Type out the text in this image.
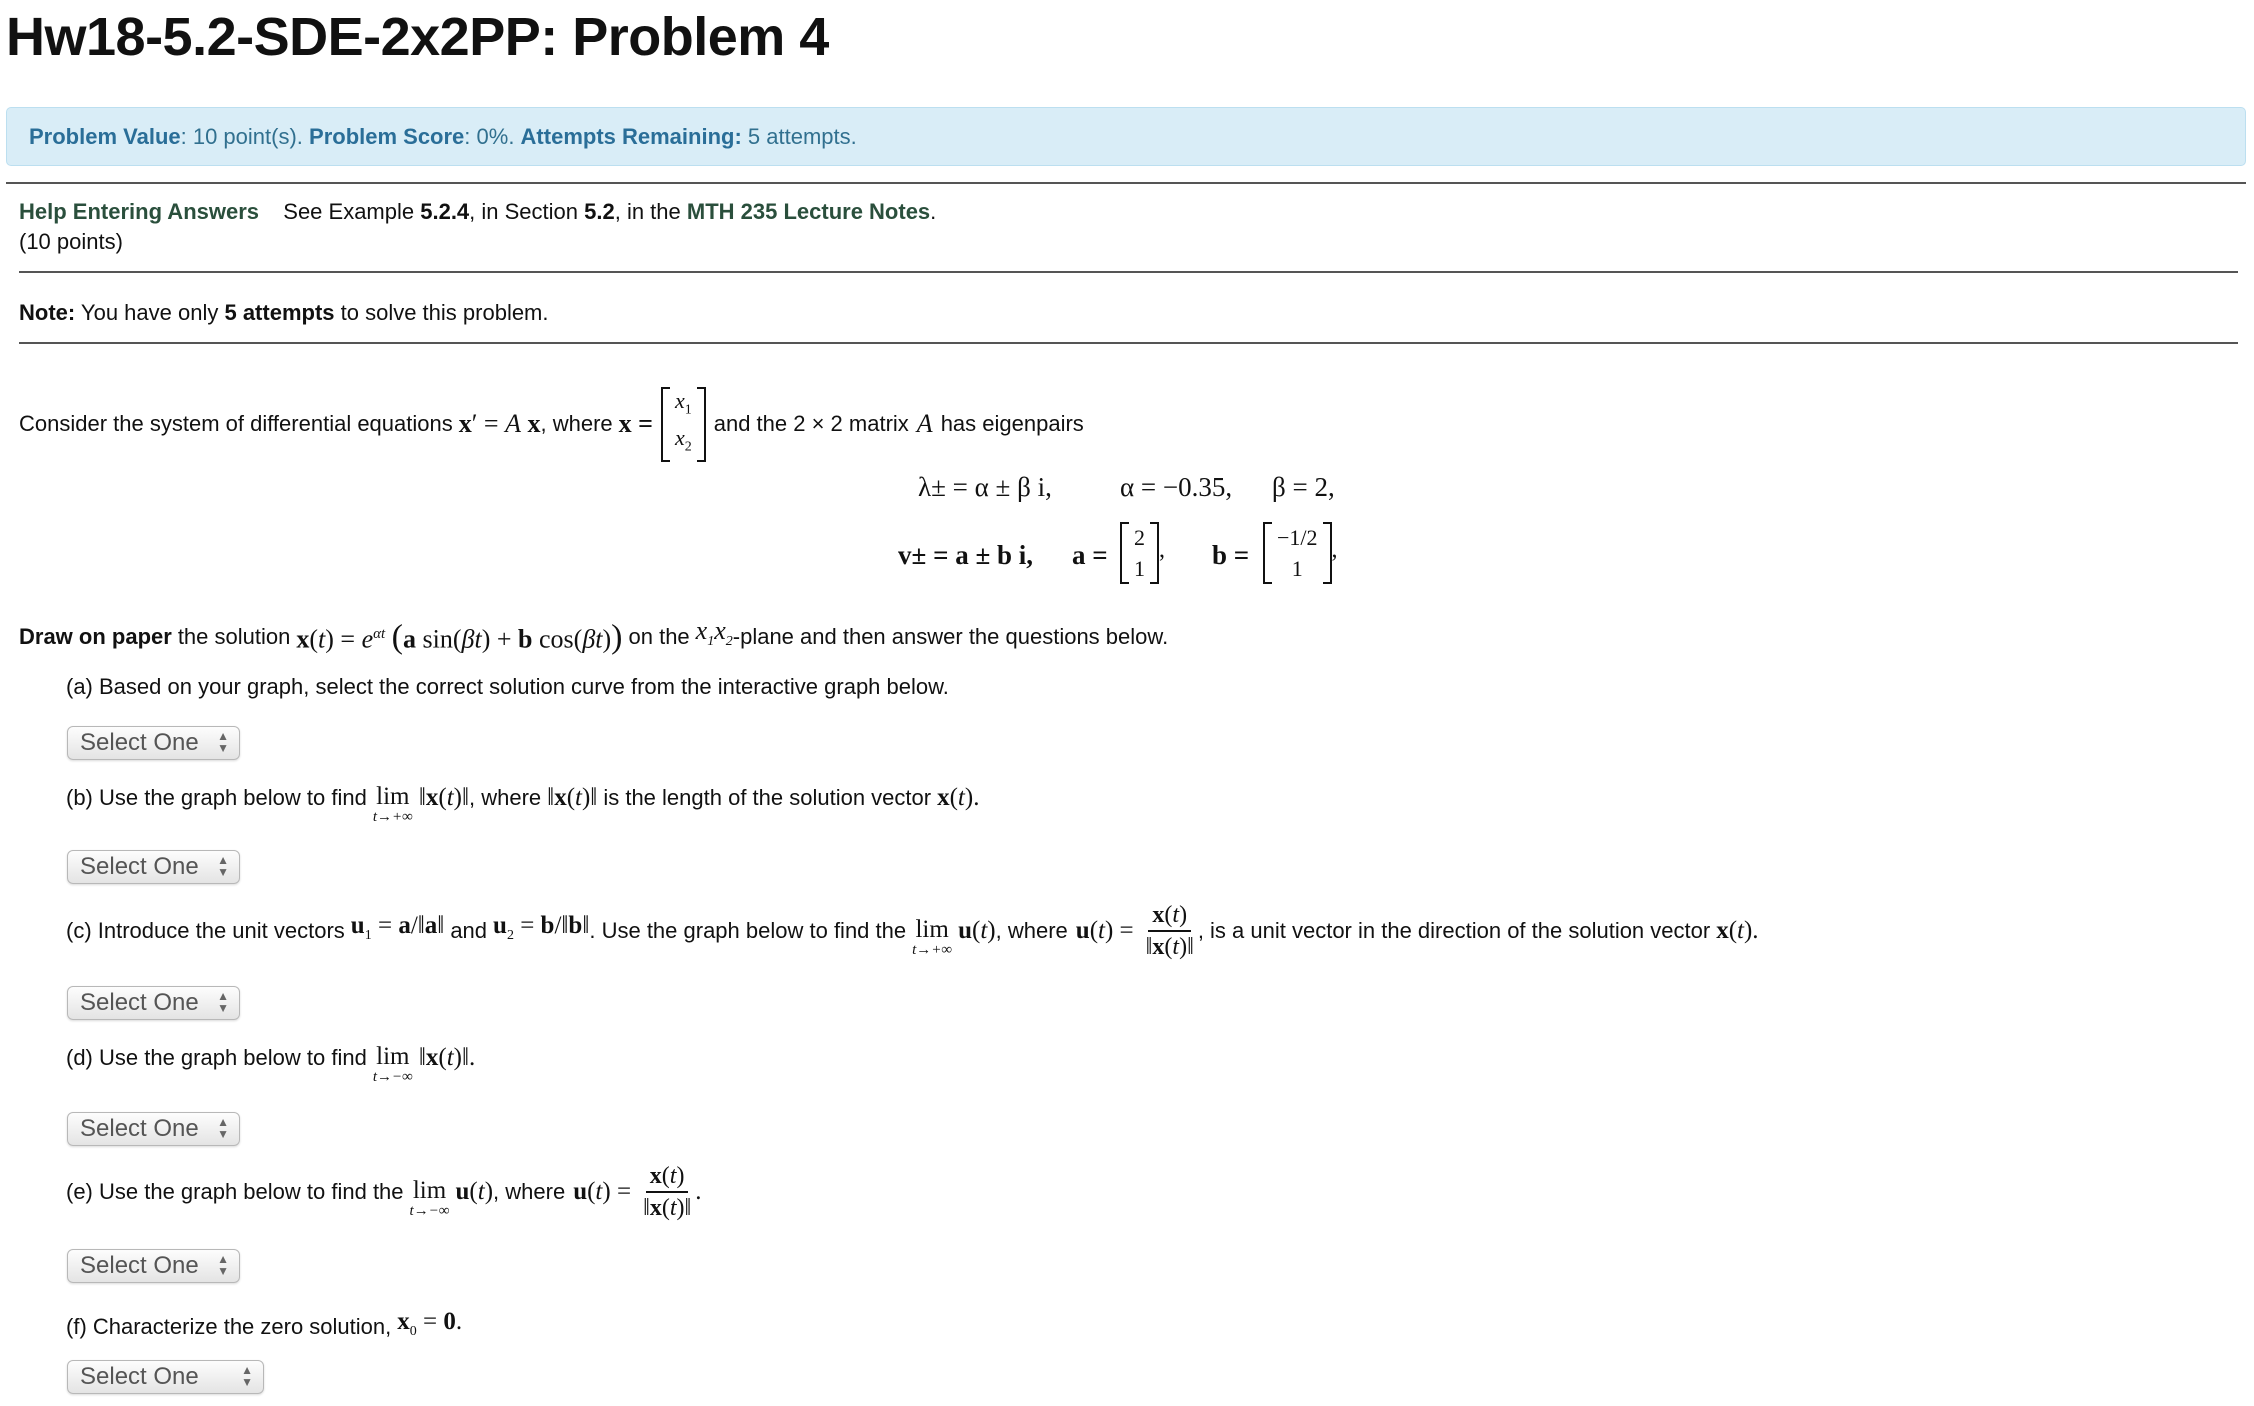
Hw18-5.2-SDE-2x2PP: Problem 4
Problem Value: 10 point(s). Problem Score: 0%. Attempts Remaining: 5 attempts.
Help Entering Answers See Example 5.2.4, in Section 5.2, in the MTH 235 Lecture Notes.
(10 points)
Note: You have only 5 attempts to solve this problem.
Consider the system of differential equations x′ = A x , where x =
$x_1$
$x_2$
and the 2 × 2 matrix A has eigenpairs
λ± = α ± β i,	α = −0.35, β = 2,
v± = a ± b i, a =
2
1
, b =
−1/2
1
,
Draw on paper the solution $x(t) = e^{\alpha t}$ (a sin(βt) + b cos(βt)) on the $x_1x_2$ -plane and then answer the questions below.
(a) Based on your graph, select the correct solution curve from the interactive graph below.
Select One ▲
▼
(b) Use the graph below to find lim
t→+∞
‖x(t)‖ , where ‖x(t)‖ is the length of the solution vector x(t).
Select One ▲
▼
(c) Introduce the unit vectors $u_1$ = a/‖a‖ and $u_2$ = b/‖b‖ . Use the graph below to find the lim
t→+∞
u(t) , where $u(t) = \frac{x(t)}{‖x(t)‖}$ , is a unit vector in the direction of the solution vector x(t).
Select One ▲
▼
(d) Use the graph below to find lim
t→−∞
‖x(t)‖.
Select One ▲
▼
(e) Use the graph below to find the lim
t→−∞
u(t) , where $u(t) = \frac{x(t)}{‖x(t)‖}$ .
Select One ▲
▼
(f) Characterize the zero solution, $x_0 = 0$.
Select One	▲
▼
